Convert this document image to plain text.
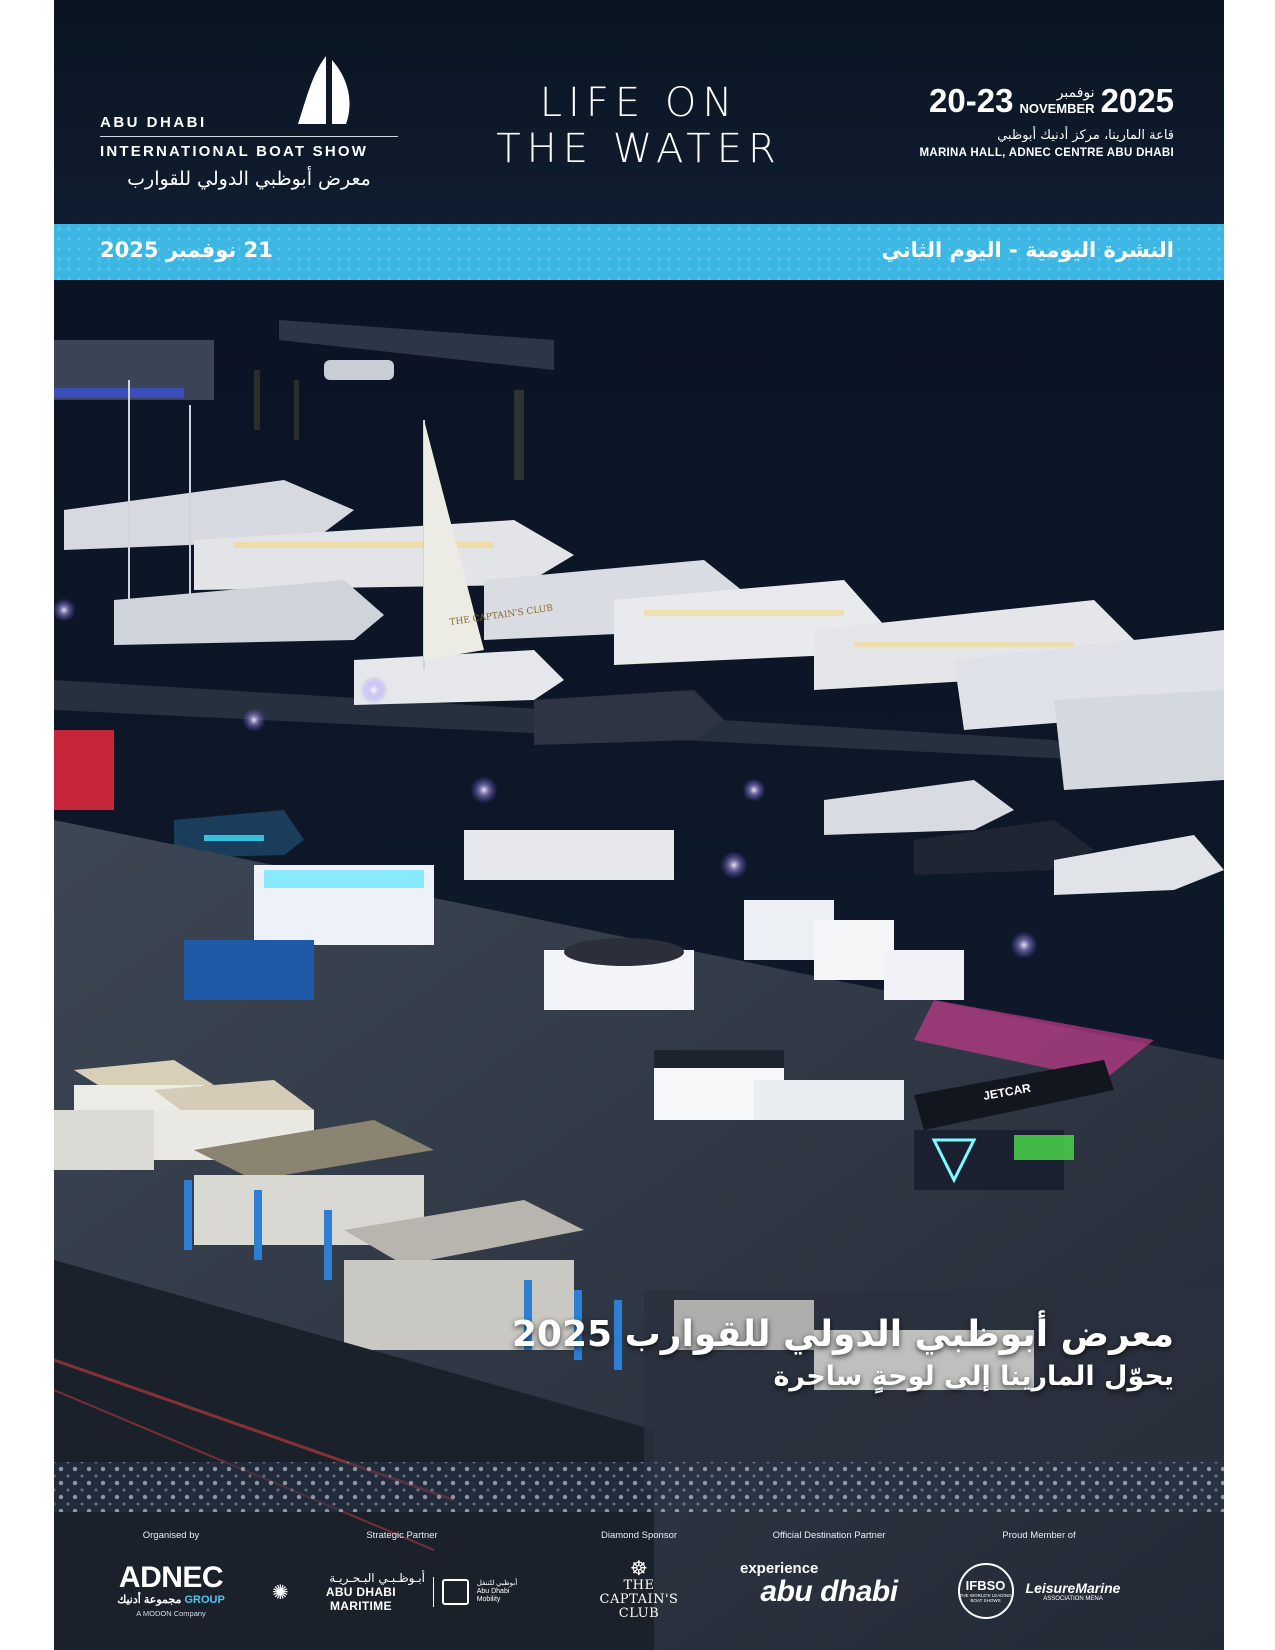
ABU DHABI
INTERNATIONAL BOAT SHOW
معرض أبوظبي الدولي للقوارب
LIFE ON
THE WATER
20-23	نوفمبر
NOVEMBER 2025
قاعة المارينا، مركز أدنيك أبوظبي
MARINA HALL, ADNEC CENTRE ABU DHABI
21 نوفمبر 2025	النشرة اليومية - اليوم الثاني
THE CAPTAIN'S CLUB
JETCAR
معرض أبوظبي الدولي للقوارب 2025
يحوّل المارينا إلى لوحةٍ ساحرة
Organised by
ADNEC
مجموعة أدنيك GROUP
A MODON Company
Strategic Partner
✺
أبـوظـبـي البـحـريـة
ABU DHABI MARITIME
أبوظبي للتنقل
Abu Dhabi Mobility
Diamond Sponsor
☸
THE
CAPTAIN'S
CLUB
Official Destination Partner
experience
abu dhabi
Proud Member of
IFBSO
THE WORLD'S LEADING BOAT SHOWS
LeisureMarine
ASSOCIATION MENA
